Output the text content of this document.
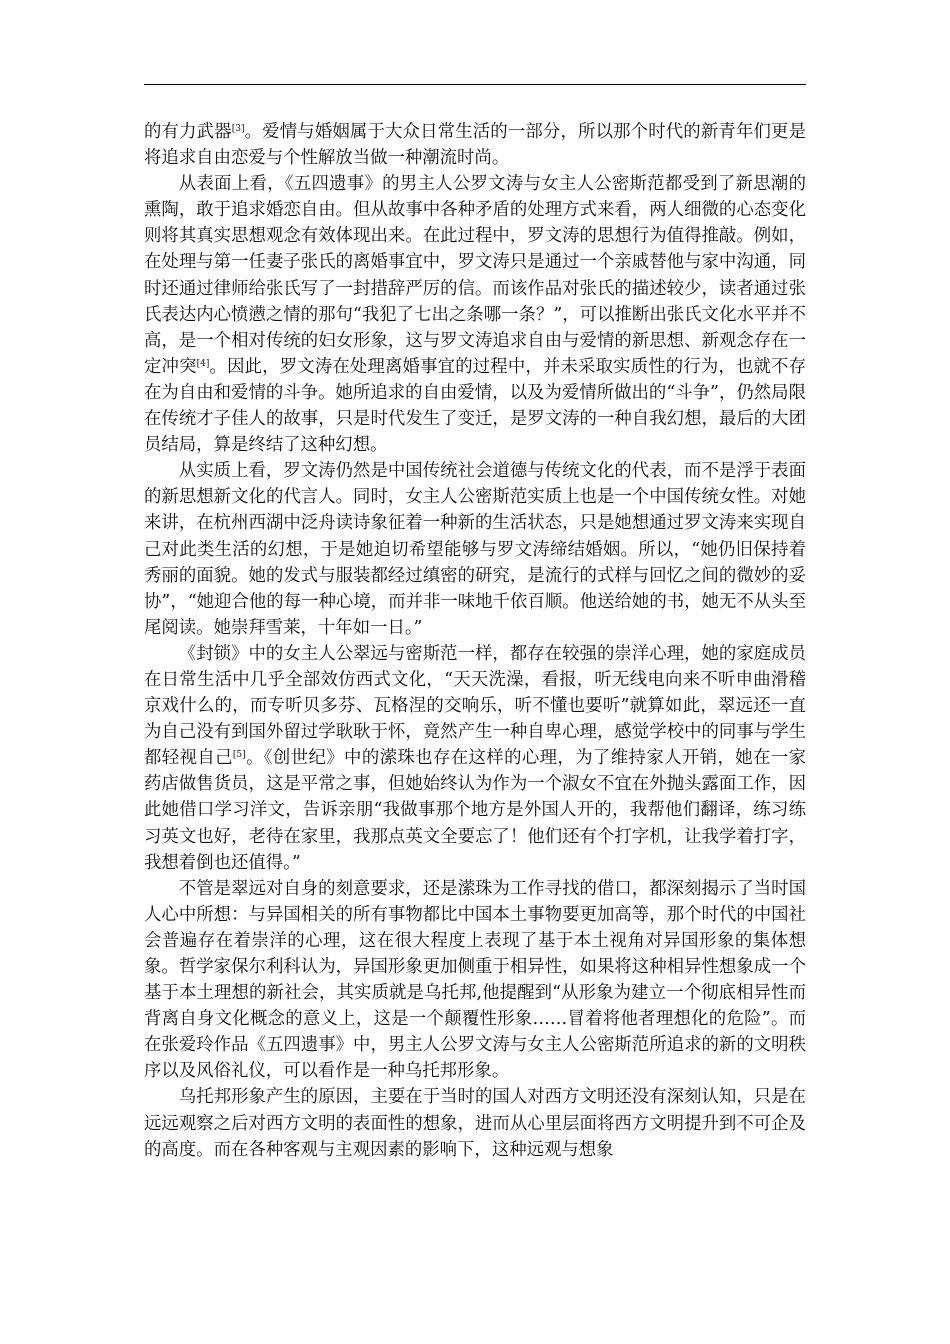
的有力武器[3]。爱情与婚姻属于大众日常生活的一部分，所以那个时代的新青年们更是将追求自由恋爱与个性解放当做一种潮流时尚。

从表面上看，《五四遗事》的男主人公罗文涛与女主人公密斯范都受到了新思潮的熏陶，敢于追求婚恋自由。但从故事中各种矛盾的处理方式来看，两人细微的心态变化则将其真实思想观念有效体现出来。在此过程中，罗文涛的思想行为值得推敲。例如，在处理与第一任妻子张氏的离婚事宜中，罗文涛只是通过一个亲戚替他与家中沟通，同时还通过律师给张氏写了一封措辞严厉的信。而该作品对张氏的描述较少，读者通过张氏表达内心愤懑之情的那句“我犯了七出之条哪一条？”，可以推断出张氏文化水平并不高，是一个相对传统的妇女形象，这与罗文涛追求自由与爱情的新思想、新观念存在一定冲突[4]。因此，罗文涛在处理离婚事宜的过程中，并未采取实质性的行为，也就不存在为自由和爱情的斗争。她所追求的自由爱情，以及为爱情所做出的“斗争”，仍然局限在传统才子佳人的故事，只是时代发生了变迁，是罗文涛的一种自我幻想，最后的大团员结局，算是终结了这种幻想。

从实质上看，罗文涛仍然是中国传统社会道德与传统文化的代表，而不是浮于表面的新思想新文化的代言人。同时，女主人公密斯范实质上也是一个中国传统女性。对她来讲，在杭州西湖中泛舟读诗象征着一种新的生活状态，只是她想通过罗文涛来实现自己对此类生活的幻想，于是她迫切希望能够与罗文涛缔结婚姻。所以，“她仍旧保持着秀丽的面貌。她的发式与服装都经过缜密的研究，是流行的式样与回忆之间的微妙的妥协”，“她迎合他的每一种心境，而并非一味地千依百顺。他送给她的书，她无不从头至尾阅读。她崇拜雪莱，十年如一日。”

《封锁》中的女主人公翠远与密斯范一样，都存在较强的崇洋心理，她的家庭成员在日常生活中几乎全部效仿西式文化，“天天洗澡，看报，听无线电向来不听申曲滑稽京戏什么的，而专听贝多芬、瓦格涅的交响乐，听不懂也要听”就算如此，翠远还一直为自己没有到国外留过学耿耿于怀，竟然产生一种自卑心理，感觉学校中的同事与学生都轻视自己[5]。《创世纪》中的潆珠也存在这样的心理，为了维持家人开销，她在一家药店做售货员，这是平常之事，但她始终认为作为一个淑女不宜在外抛头露面工作，因此她借口学习洋文，告诉亲朋“我做事那个地方是外国人开的，我帮他们翻译，练习练习英文也好，老待在家里，我那点英文全要忘了！他们还有个打字机，让我学着打字，我想着倒也还值得。”

不管是翠远对自身的刻意要求，还是潆珠为工作寻找的借口，都深刻揭示了当时国人心中所想：与异国相关的所有事物都比中国本土事物要更加高等，那个时代的中国社会普遍存在着崇洋的心理，这在很大程度上表现了基于本土视角对异国形象的集体想象。哲学家保尔利科认为，异国形象更加侧重于相异性，如果将这种相异性想象成一个基于本土理想的新社会，其实质就是乌托邦,他提醒到“从形象为建立一个彻底相异性而背离自身文化概念的意义上，这是一个颠覆性形象……冒着将他者理想化的危险”。而在张爱玲作品《五四遗事》中，男主人公罗文涛与女主人公密斯范所追求的新的文明秩序以及风俗礼仪，可以看作是一种乌托邦形象。

乌托邦形象产生的原因，主要在于当时的国人对西方文明还没有深刻认知，只是在远远观察之后对西方文明的表面性的想象，进而从心里层面将西方文明提升到不可企及的高度。而在各种客观与主观因素的影响下，这种远观与想象
